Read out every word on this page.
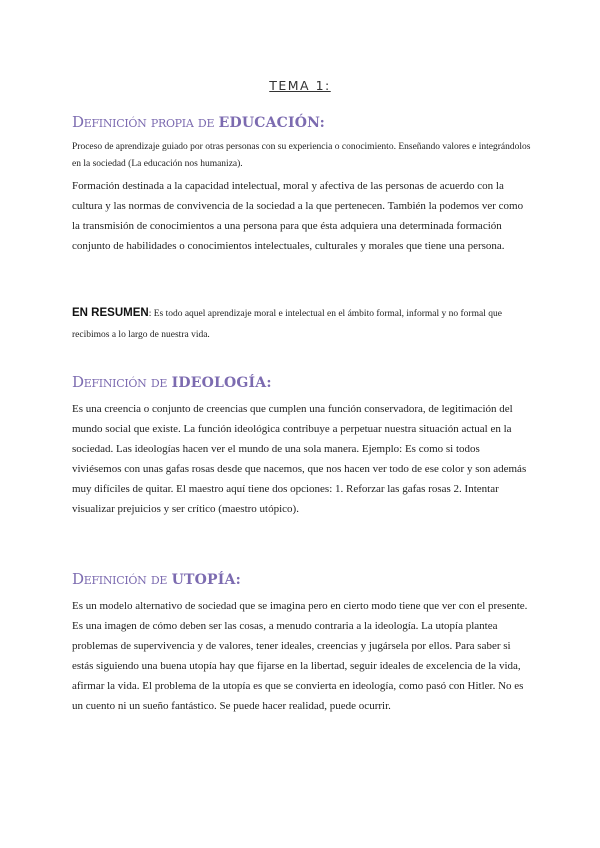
TEMA 1:
Definición propia de EDUCACIÓN:
Proceso de aprendizaje guiado por otras personas con su experiencia o conocimiento. Enseñando valores e integrándolos en la sociedad (La educación nos humaniza).
Formación destinada a la capacidad intelectual, moral y afectiva de las personas de acuerdo con la cultura y las normas de convivencia de la sociedad a la que pertenecen. También la podemos ver como la transmisión de conocimientos a una persona para que ésta adquiera una determinada formación conjunto de habilidades o conocimientos intelectuales, culturales y morales que tiene una persona.
EN RESUMEN: Es todo aquel aprendizaje moral e intelectual en el ámbito formal, informal y no formal que recibimos a lo largo de nuestra vida.
Definición de IDEOLOGÍA:
Es una creencia o conjunto de creencias que cumplen una función conservadora, de legitimación del mundo social que existe. La función ideológica contribuye a perpetuar nuestra situación actual en la sociedad. Las ideologías hacen ver el mundo de una sola manera. Ejemplo: Es como si todos viviésemos con unas gafas rosas desde que nacemos, que nos hacen ver todo de ese color y son además muy difíciles de quitar. El maestro aquí tiene dos opciones: 1. Reforzar las gafas rosas 2. Intentar visualizar prejuicios y ser crítico (maestro utópico).
Definición de UTOPÍA:
Es un modelo alternativo de sociedad que se imagina pero en cierto modo tiene que ver con el presente. Es una imagen de cómo deben ser las cosas, a menudo contraria a la ideología. La utopía plantea problemas de supervivencia y de valores, tener ideales, creencias y jugársela por ellos. Para saber si estás siguiendo una buena utopía hay que fijarse en la libertad, seguir ideales de excelencia de la vida, afirmar la vida. El problema de la utopía es que se convierta en ideología, como pasó con Hitler. No es un cuento ni un sueño fantástico. Se puede hacer realidad, puede ocurrir.
